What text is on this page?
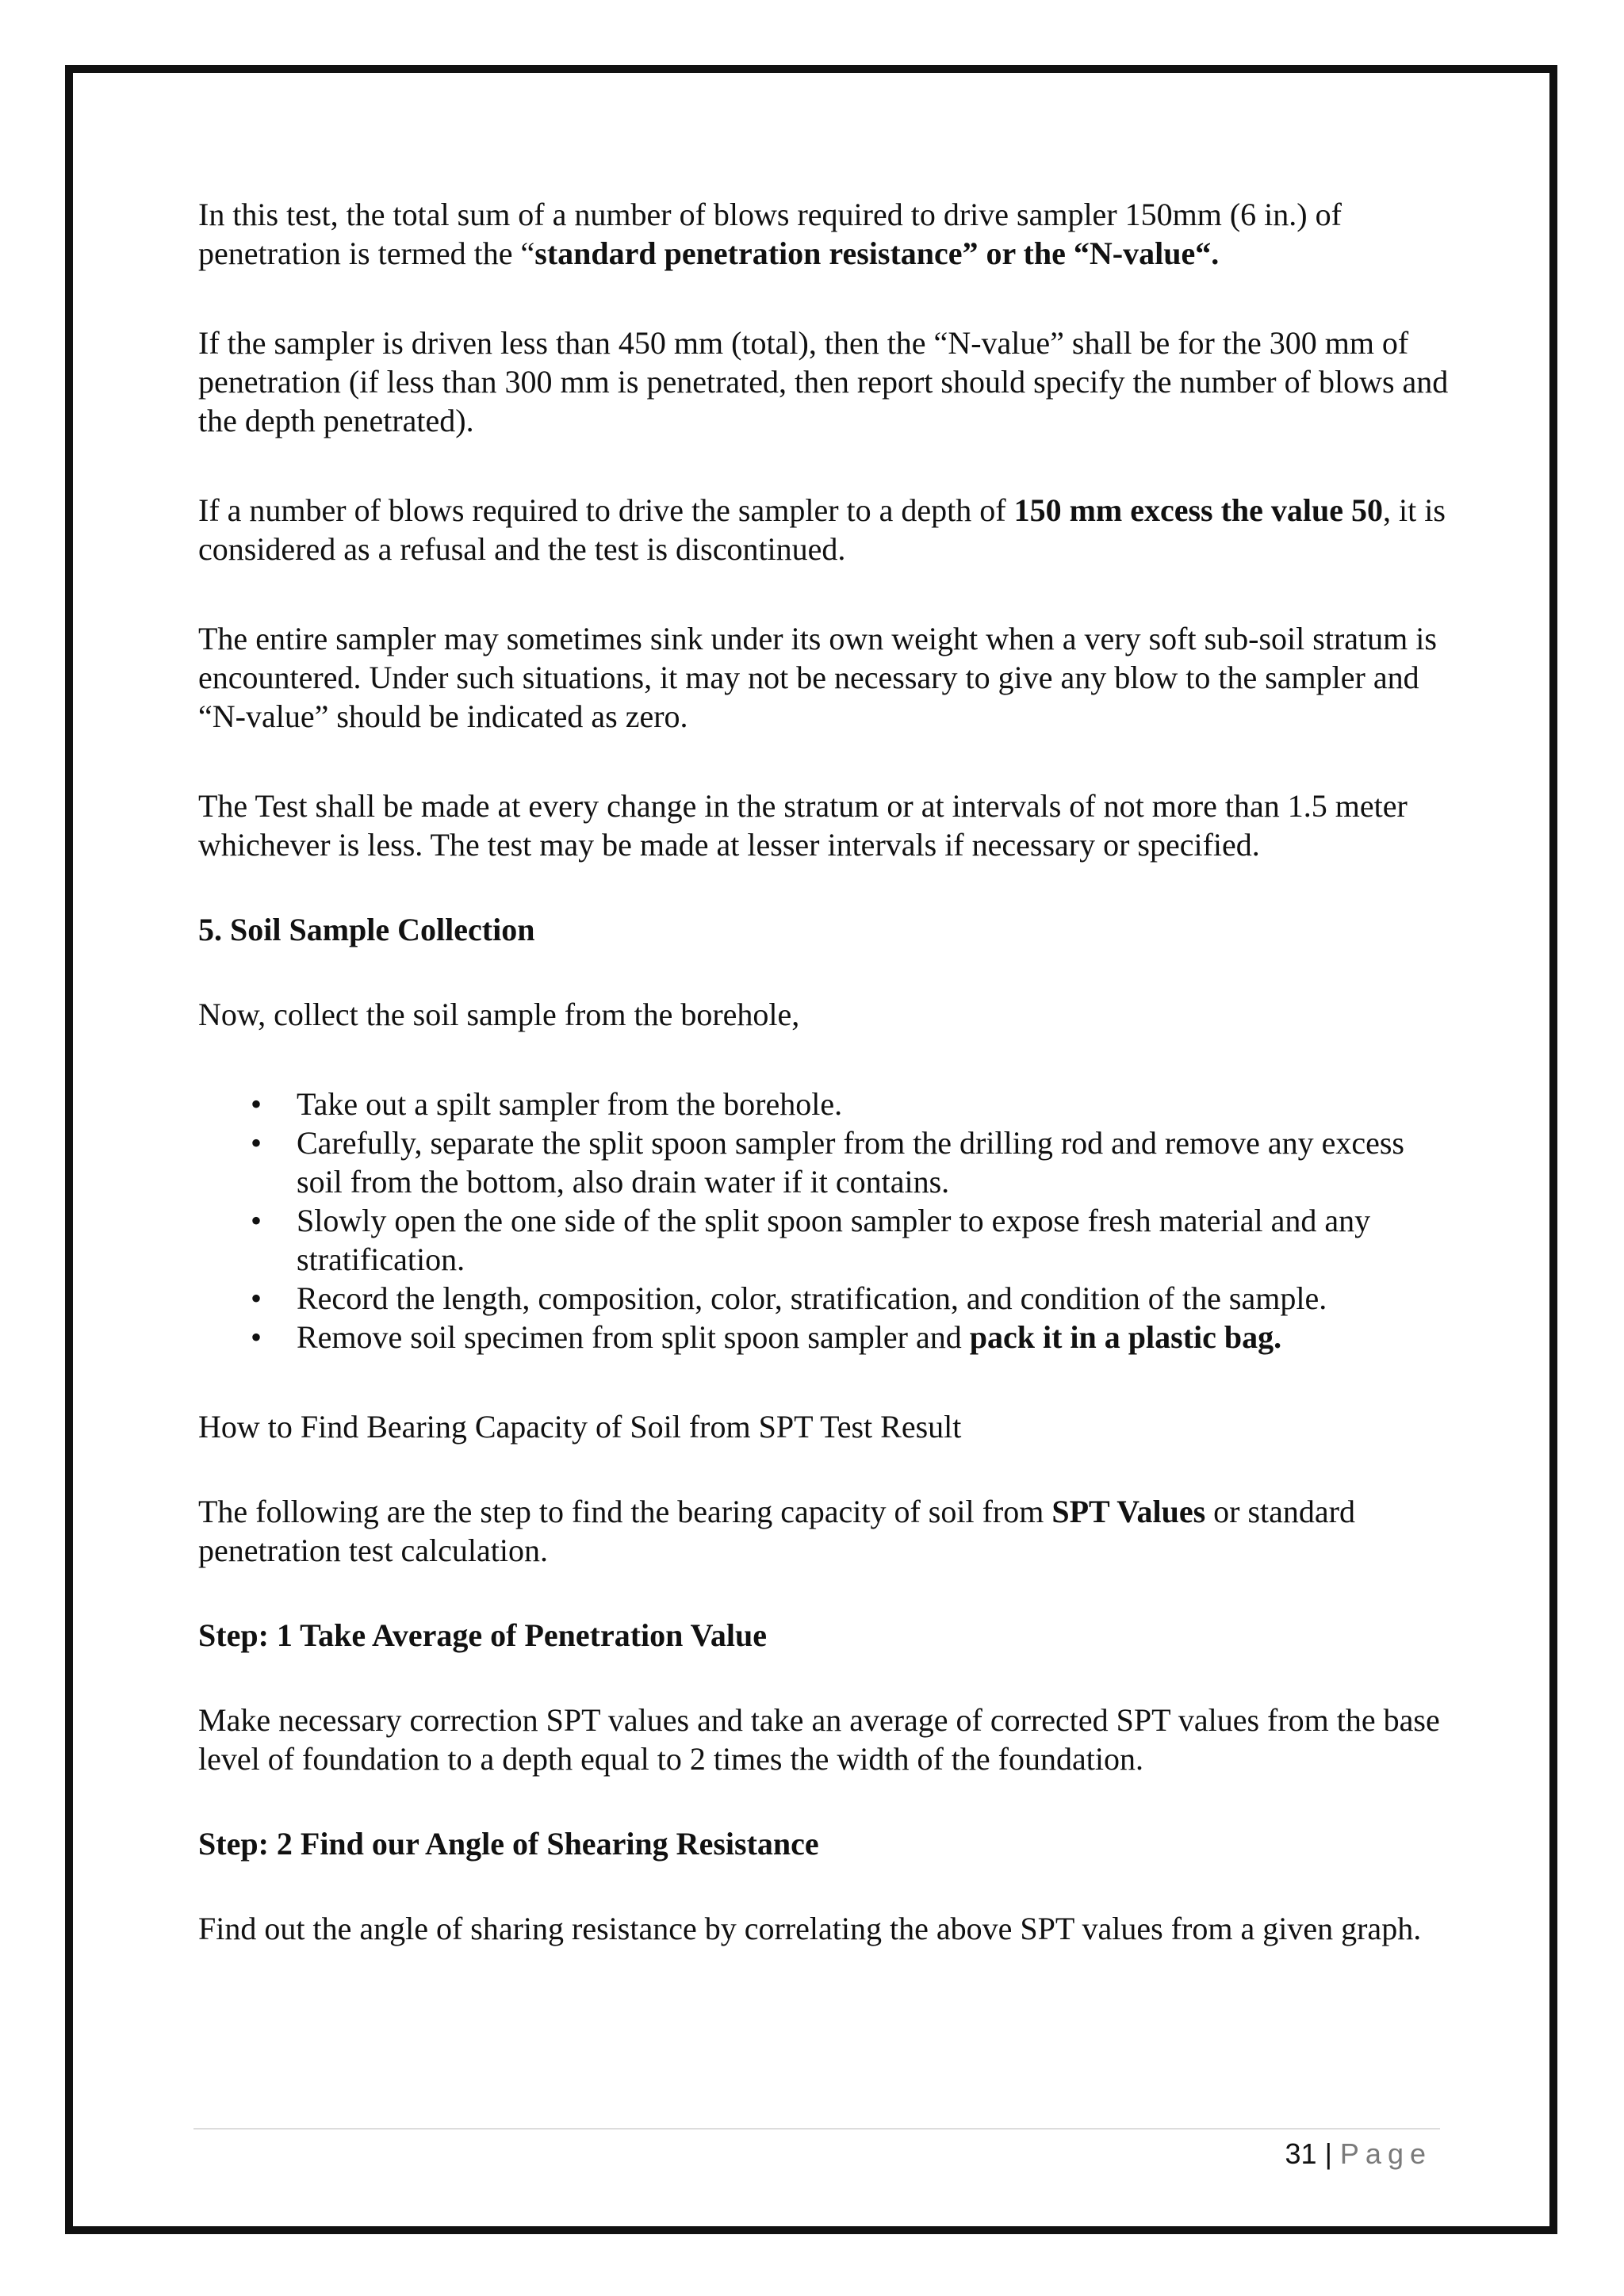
In this test, the total sum of a number of blows required to drive sampler 150mm (6 in.) of penetration is termed the “standard penetration resistance” or the “N-value“.

If the sampler is driven less than 450 mm (total), then the “N-value” shall be for the 300 mm of penetration (if less than 300 mm is penetrated, then report should specify the number of blows and the depth penetrated).

If a number of blows required to drive the sampler to a depth of 150 mm excess the value 50, it is considered as a refusal and the test is discontinued.

The entire sampler may sometimes sink under its own weight when a very soft sub-soil stratum is encountered. Under such situations, it may not be necessary to give any blow to the sampler and “N-value” should be indicated as zero.

The Test shall be made at every change in the stratum or at intervals of not more than 1.5 meter whichever is less. The test may be made at lesser intervals if necessary or specified.

5. Soil Sample Collection

Now, collect the soil sample from the borehole,

• Take out a spilt sampler from the borehole.
• Carefully, separate the split spoon sampler from the drilling rod and remove any excess soil from the bottom, also drain water if it contains.
• Slowly open the one side of the split spoon sampler to expose fresh material and any stratification.
• Record the length, composition, color, stratification, and condition of the sample.
• Remove soil specimen from split spoon sampler and pack it in a plastic bag.

How to Find Bearing Capacity of Soil from SPT Test Result

The following are the step to find the bearing capacity of soil from SPT Values or standard penetration test calculation.

Step: 1 Take Average of Penetration Value

Make necessary correction SPT values and take an average of corrected SPT values from the base level of foundation to a depth equal to 2 times the width of the foundation.

Step: 2 Find our Angle of Shearing Resistance

Find out the angle of sharing resistance by correlating the above SPT values from a given graph.

31 | Page
